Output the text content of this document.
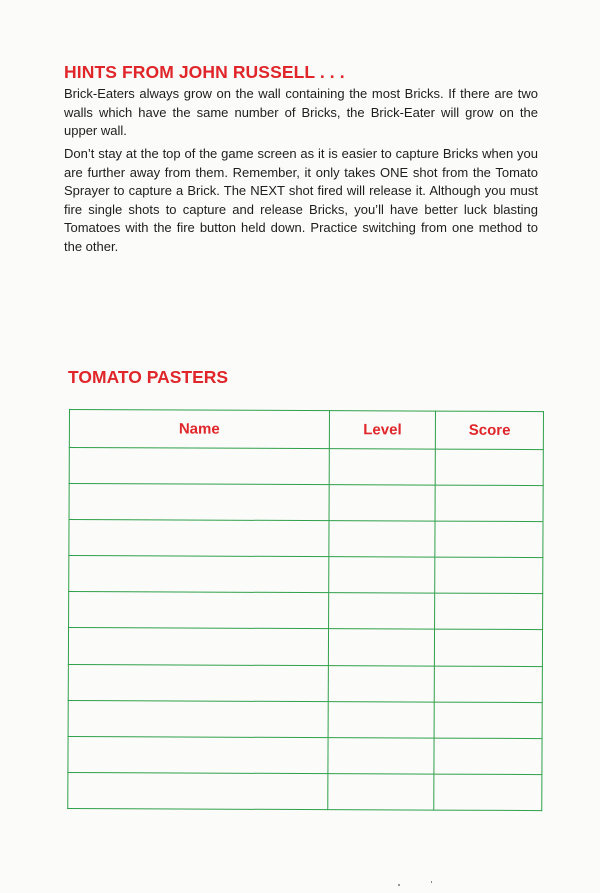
HINTS FROM JOHN RUSSELL . . .

Brick-Eaters always grow on the wall containing the most Bricks. If there are two walls which have the same number of Bricks, the Brick-Eater will grow on the upper wall.

Don’t stay at the top of the game screen as it is easier to capture Bricks when you are further away from them. Remember, it only takes ONE shot from the Tomato Sprayer to capture a Brick. The NEXT shot fired will release it. Although you must fire single shots to capture and release Bricks, you’ll have better luck blasting Tomatoes with the fire button held down. Practice switching from one method to the other.

TOMATO PASTERS
Name	Level	Score
